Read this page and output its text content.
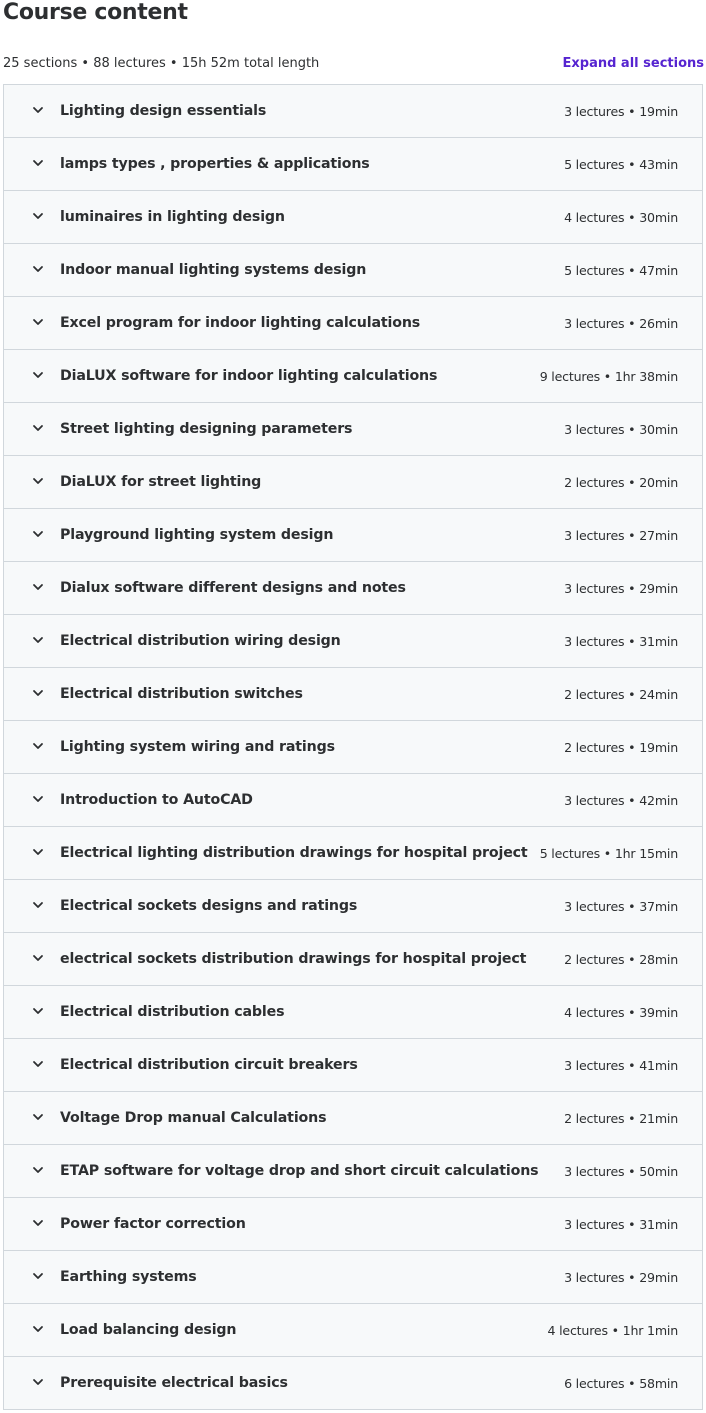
Course content
25 sections • 88 lectures • 15h 52m total length	Expand all sections
Lighting design essentials	3 lectures • 19min
lamps types , properties & applications	5 lectures • 43min
luminaires in lighting design	4 lectures • 30min
Indoor manual lighting systems design	5 lectures • 47min
Excel program for indoor lighting calculations	3 lectures • 26min
DiaLUX software for indoor lighting calculations	9 lectures • 1hr 38min
Street lighting designing parameters	3 lectures • 30min
DiaLUX for street lighting	2 lectures • 20min
Playground lighting system design	3 lectures • 27min
Dialux software different designs and notes	3 lectures • 29min
Electrical distribution wiring design	3 lectures • 31min
Electrical distribution switches	2 lectures • 24min
Lighting system wiring and ratings	2 lectures • 19min
Introduction to AutoCAD	3 lectures • 42min
Electrical lighting distribution drawings for hospital project 5 lectures • 1hr 15min
Electrical sockets designs and ratings	3 lectures • 37min
electrical sockets distribution drawings for hospital project	2 lectures • 28min
Electrical distribution cables	4 lectures • 39min
Electrical distribution circuit breakers	3 lectures • 41min
Voltage Drop manual Calculations	2 lectures • 21min
ETAP software for voltage drop and short circuit calculations 3 lectures • 50min
Power factor correction	3 lectures • 31min
Earthing systems	3 lectures • 29min
Load balancing design	4 lectures • 1hr 1min
Prerequisite electrical basics	6 lectures • 58min
